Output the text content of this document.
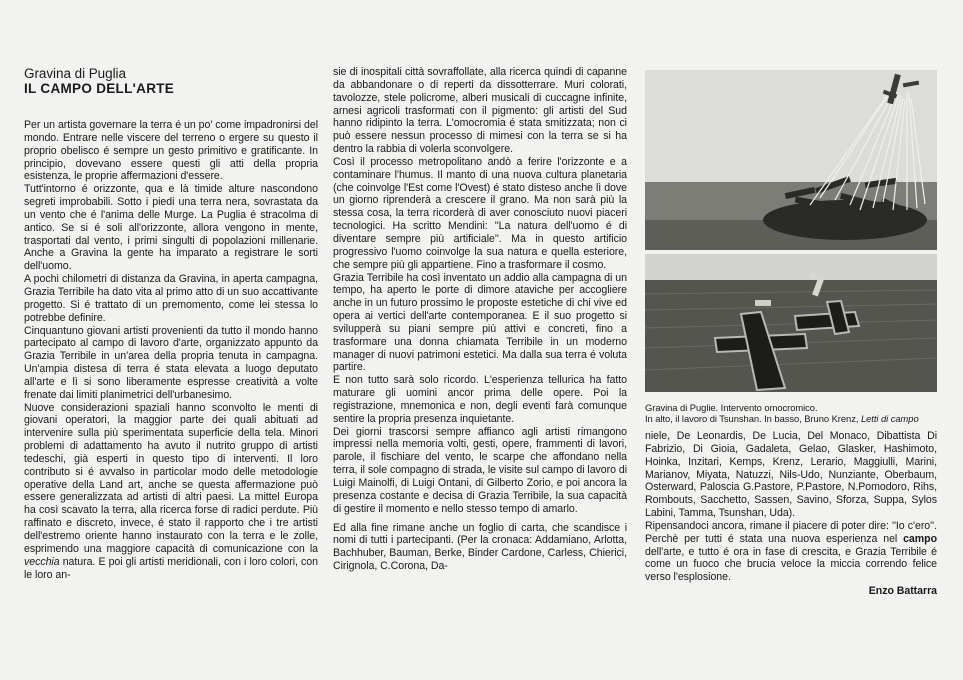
Gravina di Puglia
IL CAMPO DELL'ARTE

Per un artista governare la terra é un po' come impadronirsi del mondo. Entrare nelle viscere del terreno o ergere su questo il proprio obelisco é sempre un gesto primitivo e gratificante. In principio, dovevano essere questi gli atti della propria esistenza, le proprie affermazioni d'essere.

Tutt'intorno é orizzonte, qua e là timide alture nascondono segreti improbabili. Sotto i piedi una terra nera, sovrastata da un vento che é l'anima delle Murge. La Puglia é stracolma di antico. Se si é soli all'orizzonte, allora vengono in mente, trasportati dal vento, i primi singulti di popolazioni millenarie. Anche a Gravina la gente ha imparato a registrare le sorti dell'uomo.

A pochi chilometri di distanza da Gravina, in aperta campagna, Grazia Terribile ha dato vita al primo atto di un suo accattivante progetto. Si é trattato di un premomento, come lei stessa lo potrebbe definire.

Cinquantuno giovani artisti provenienti da tutto il mondo hanno partecipato al campo di lavoro d'arte, organizzato appunto da Grazia Terribile in un'area della propria tenuta in campagna. Un'ampia distesa di terra é stata elevata a luogo deputato all'arte e lì si sono liberamente espresse creatività a volte frenate dai limiti planimetrici dell'urbanesimo.

Nuove considerazioni spaziali hanno sconvolto le menti di giovani operatori, la maggior parte dei quali abituati ad intervenire sulla più sperimentata superficie della tela. Minori problemi di adattamento ha avuto il nutrito gruppo di artisti tedeschi, già esperti in questo tipo di interventi. Il loro contributo si é avvalso in particolar modo delle metodologie operative della Land art, anche se questa affermazione può essere generalizzata ad artisti di altri paesi. La mittel Europa ha così scavato la terra, alla ricerca forse di radici perdute. Più raffinato e discreto, invece, é stato il rapporto che i tre artisti dell'estremo oriente hanno instaurato con la terra e le zolle, esprimendo una maggiore capacità di comunicazione con la vecchia natura. E poi gli artisti meridionali, con i loro colori, con le loro an-

sie di inospitali città sovraffollate, alla ricerca quindi di capanne da abbandonare o di reperti da dissotterrare. Muri colorati, tavolozze, stele policrome, alberi musicali di cuccagne infinite, arnesi agricoli trasformati con il pigmento: gli artisti del Sud hanno ridipinto la terra. L'omocromia é stata smitizzata; non ci può essere nessun processo di mimesi con la terra se si ha dentro la rabbia di volerla sconvolgere.

Così il processo metropolitano andò a ferire l'orizzonte e a contaminare l'humus. Il manto di una nuova cultura planetaria (che coinvolge l'Est come l'Ovest) é stato disteso anche lì dove un giorno riprenderà a crescere il grano. Ma non sarà più la stessa cosa, la terra ricorderà di aver conosciuto nuovi piaceri tecnologici. Ha scritto Mendini: ''La natura dell'uomo é di diventare sempre più artificiale''. Ma in questo artificio progressivo l'uomo coinvolge la sua natura e quella esteriore, che sempre più gli appartiene. Fino a trasformare il cosmo.

Grazia Terribile ha così inventato un addio alla campagna di un tempo, ha aperto le porte di dimore ataviche per accogliere anche in un futuro prossimo le proposte estetiche di chi vive ed opera ai vertici dell'arte contemporanea. E il suo progetto si svilupperà su piani sempre più attivi e concreti, fino a trasformare una donna chiamata Terribile in un moderno manager di nuovi patrimoni estetici. Ma dalla sua terra é voluta partire.

E non tutto sarà solo ricordo. L'esperienza tellurica ha fatto maturare gli uomini ancor prima delle opere. Poi la registrazione, mnemonica e non, degli eventi farà comunque sentire la propria presenza inquietante.

Dei giorni trascorsi sempre affianco agli artisti rimangono impressi nella memoria volti, gesti, opere, frammenti di lavori, parole, il fischiare del vento, le scarpe che affondano nella terra, il sole compagno di strada, le visite sul campo di lavoro di Luigi Mainolfi, di Luigi Ontani, di Gilberto Zorio, e poi ancora la presenza costante e decisa di Grazia Terribile, la sua capacità di gestire il momento e nello stesso tempo di amarlo.

Ed alla fine rimane anche un foglio di carta, che scandisce i nomi di tutti i partecipanti. (Per la cronaca: Addamiano, Arlotta, Bachhuber, Bauman, Berke, Binder Cardone, Carless, Chierici, Cirignola, C.Corona, Da-

Gravina di Puglie. Intervento omocromico.
In alto, il lavoro di Tsunshan. In basso, Bruno Krenz, Letti di campo

niele, De Leonardis, De Lucia, Del Monaco, Dibattista Di Fabrizio, Di Gioia, Gadaleta, Gelao, Glasker, Hashimoto, Hoinka, Inzitari, Kemps, Krenz, Lerario, Maggiulli, Marini, Marianov, Miyata, Natuzzi, Nils-Udo, Nunziante, Oberbaum, Osterward, Paloscia G.Pastore, P.Pastore, N.Pomodoro, Rihs, Rombouts, Sacchetto, Sassen, Savino, Sforza, Suppa, Sylos Labini, Tamma, Tsunshan, Uda).

Ripensandoci ancora, rimane il piacere di poter dire: ''Io c'ero''. Perchè per tutti é stata una nuova esperienza nel campo dell'arte, e tutto é ora in fase di crescita, e Grazia Terribile é come un fuoco che brucia veloce la miccia correndo felice verso l'esplosione.

Enzo Battarra
